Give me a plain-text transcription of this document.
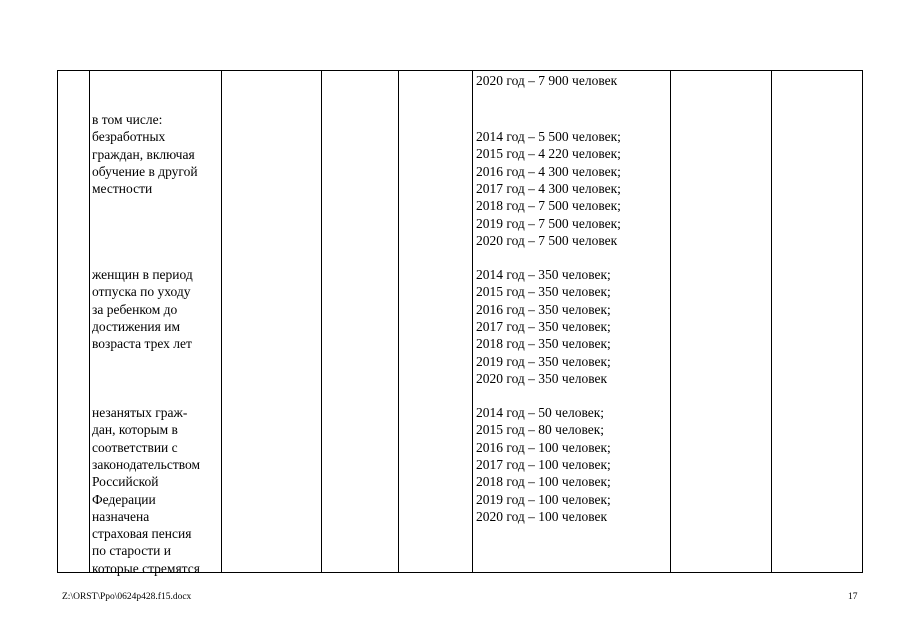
2020 год – 7 900 человек
в том числе:
безработных
граждан, включая
обучение в другой
местности
2014 год – 5 500 человек;
2015 год – 4 220 человек;
2016 год – 4 300 человек;
2017 год – 4 300 человек;
2018 год – 7 500 человек;
2019 год – 7 500 человек;
2020 год – 7 500 человек
женщин в период
отпуска по уходу
за ребенком до
достижения им
возраста трех лет
2014 год – 350 человек;
2015 год – 350 человек;
2016 год – 350 человек;
2017 год – 350 человек;
2018 год – 350 человек;
2019 год – 350 человек;
2020 год – 350 человек
незанятых граж-
дан, которым в
соответствии с
законодательством
Российской
Федерации
назначена
страховая пенсия
по старости и
которые стремятся
2014 год – 50 человек;
2015 год – 80 человек;
2016 год – 100 человек;
2017 год – 100 человек;
2018 год – 100 человек;
2019 год – 100 человек;
2020 год – 100 человек
Z:\ORST\Ppo\0624p428.f15.docx	17
